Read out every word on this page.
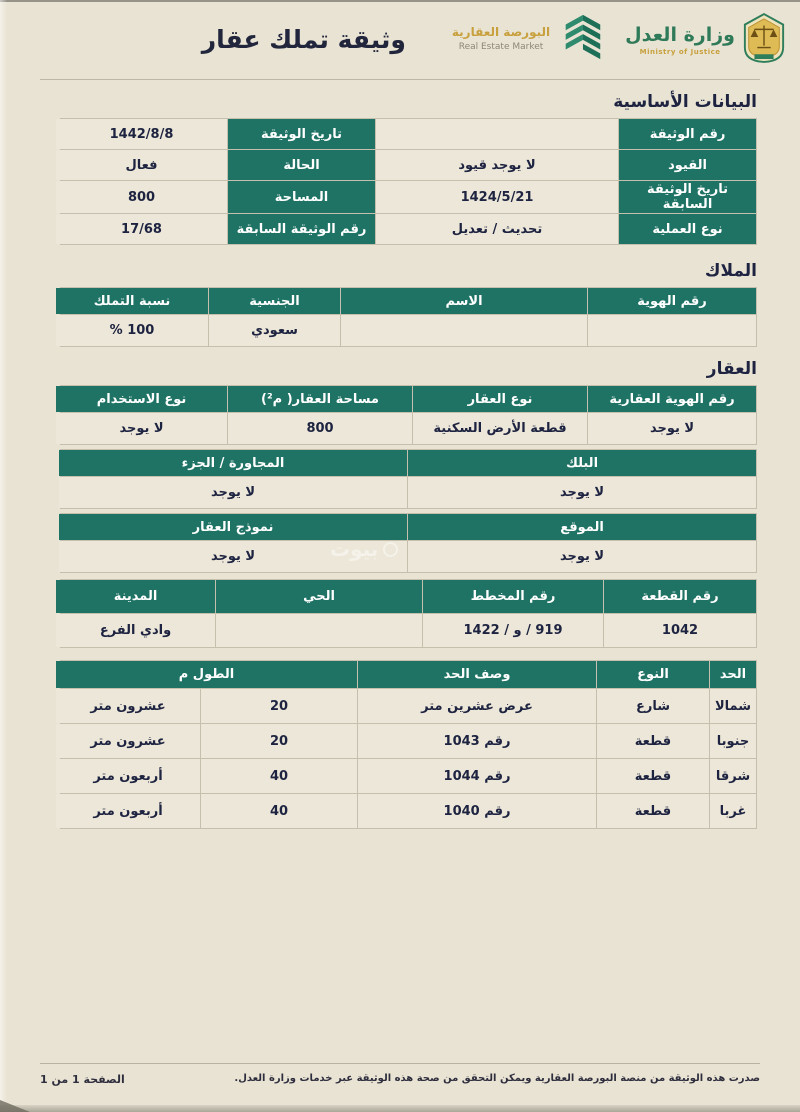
وزارة العدل
Ministry of Justice
البورصة العقارية
Real Estate Market
وثيقة تملك عقار
البيانات الأساسية
رقم الوثيقة
تاريخ الوثيقة
1442/8/8
القيود
لا يوجد قيود
الحالة
فعال
تاريخ الوثيقة السابقة
1424/5/21
المساحة
800
نوع العملية
تحديث / تعديل
رقم الوثيقة السابقة
17/68
الملاك
رقم الهوية
الاسم
الجنسية
نسبة التملك
سعودي
100 %
العقار
رقم الهوية العقارية
نوع العقار
مساحة العقار( م²)
نوع الاستخدام
لا يوجد
قطعة الأرض السكنية
800
لا يوجد
البلك
المجاورة / الجزء
لا يوجد
لا يوجد
الموقع
نموذج العقار
لا يوجد
لا يوجد
رقم القطعة
رقم المخطط
الحي
المدينة
1042
919 / و / 1422
وادي الفرع
الحد
النوع
وصف الحد
الطول م
شمالا
شارع
عرض عشرين متر
20
عشرون متر
جنوبا
قطعة
رقم 1043
20
عشرون متر
شرقا
قطعة
رقم 1044
40
أربعون متر
غربا
قطعة
رقم 1040
40
أربعون متر
بيوت
صدرت هذه الوثيقة من منصة البورصة العقارية ويمكن التحقق من صحة هذه الوثيقة عبر خدمات وزارة العدل.
الصفحة 1 من 1
